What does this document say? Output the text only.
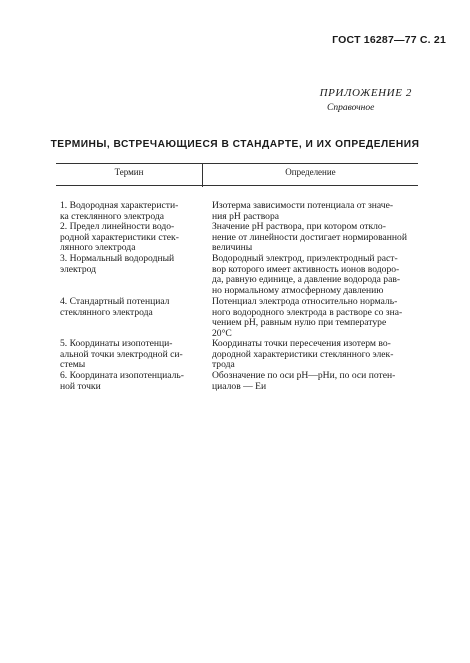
ГОСТ 16287—77 С. 21
ПРИЛОЖЕНИЕ 2
Справочное
ТЕРМИНЫ, ВСТРЕЧАЮЩИЕСЯ В СТАНДАРТЕ, И ИХ ОПРЕДЕЛЕНИЯ
Термин	Определение
1. Водородная характеристи-
ка стеклянного электрода
Изотерма зависимости потенциала от значе-
ния рН раствора
2. Предел линейности водо-
родной характеристики стек-
лянного электрода
Значение рН раствора, при котором откло-
нение от линейности достигает нормированной
величины
3. Нормальный водородный
электрод
Водородный электрод, приэлектродный раст-
вор которого имеет активность ионов водоро-
да, равную единице, а давление водорода рав-
но нормальному атмосферному давлению
4. Стандартный потенциал
стеклянного электрода
Потенциал электрода относительно нормаль-
ного водородного электрода в растворе со зна-
чением рН, равным нулю при температуре
20°С
5. Координаты изопотенци-
альной точки электродной си-
стемы
Координаты точки пересечения изотерм во-
дородной характеристики стеклянного элек-
трода
6. Координата изопотенциаль-
ной точки
Обозначение по оси рН—рНи, по оси потен-
циалов — Еи
